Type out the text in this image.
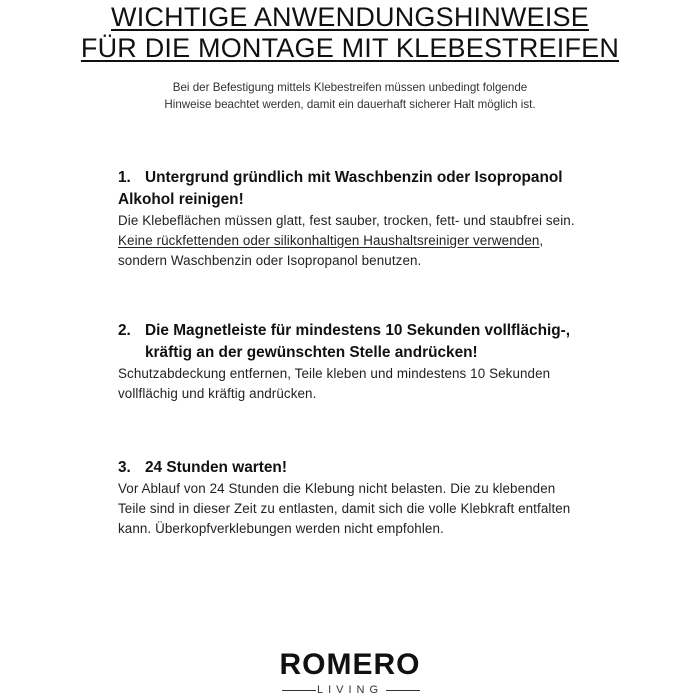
WICHTIGE ANWENDUNGSHINWEISE
FÜR DIE MONTAGE MIT KLEBESTREIFEN
Bei der Befestigung mittels Klebestreifen müssen unbedingt folgende
Hinweise beachtet werden, damit ein dauerhaft sicherer Halt möglich ist.
1. Untergrund gründlich mit Waschbenzin oder Isopropanol
Alkohol reinigen!
Die Klebeflächen müssen glatt, fest sauber, trocken, fett- und staubfrei sein. Keine rückfettenden oder silikonhaltigen Haushaltsreiniger verwenden, sondern Waschbenzin oder Isopropanol benutzen.
2. Die Magnetleiste für mindestens 10 Sekunden vollflächig-,
kräftig an der gewünschten Stelle andrücken!
Schutzabdeckung entfernen, Teile kleben und mindestens 10 Sekunden vollflächig und kräftig andrücken.
3. 24 Stunden warten!
Vor Ablauf von 24 Stunden die Klebung nicht belasten. Die zu klebenden Teile sind in dieser Zeit zu entlasten, damit sich die volle Klebkraft entfalten kann. Überkopfverklebungen werden nicht empfohlen.
ROMERO
LIVING
